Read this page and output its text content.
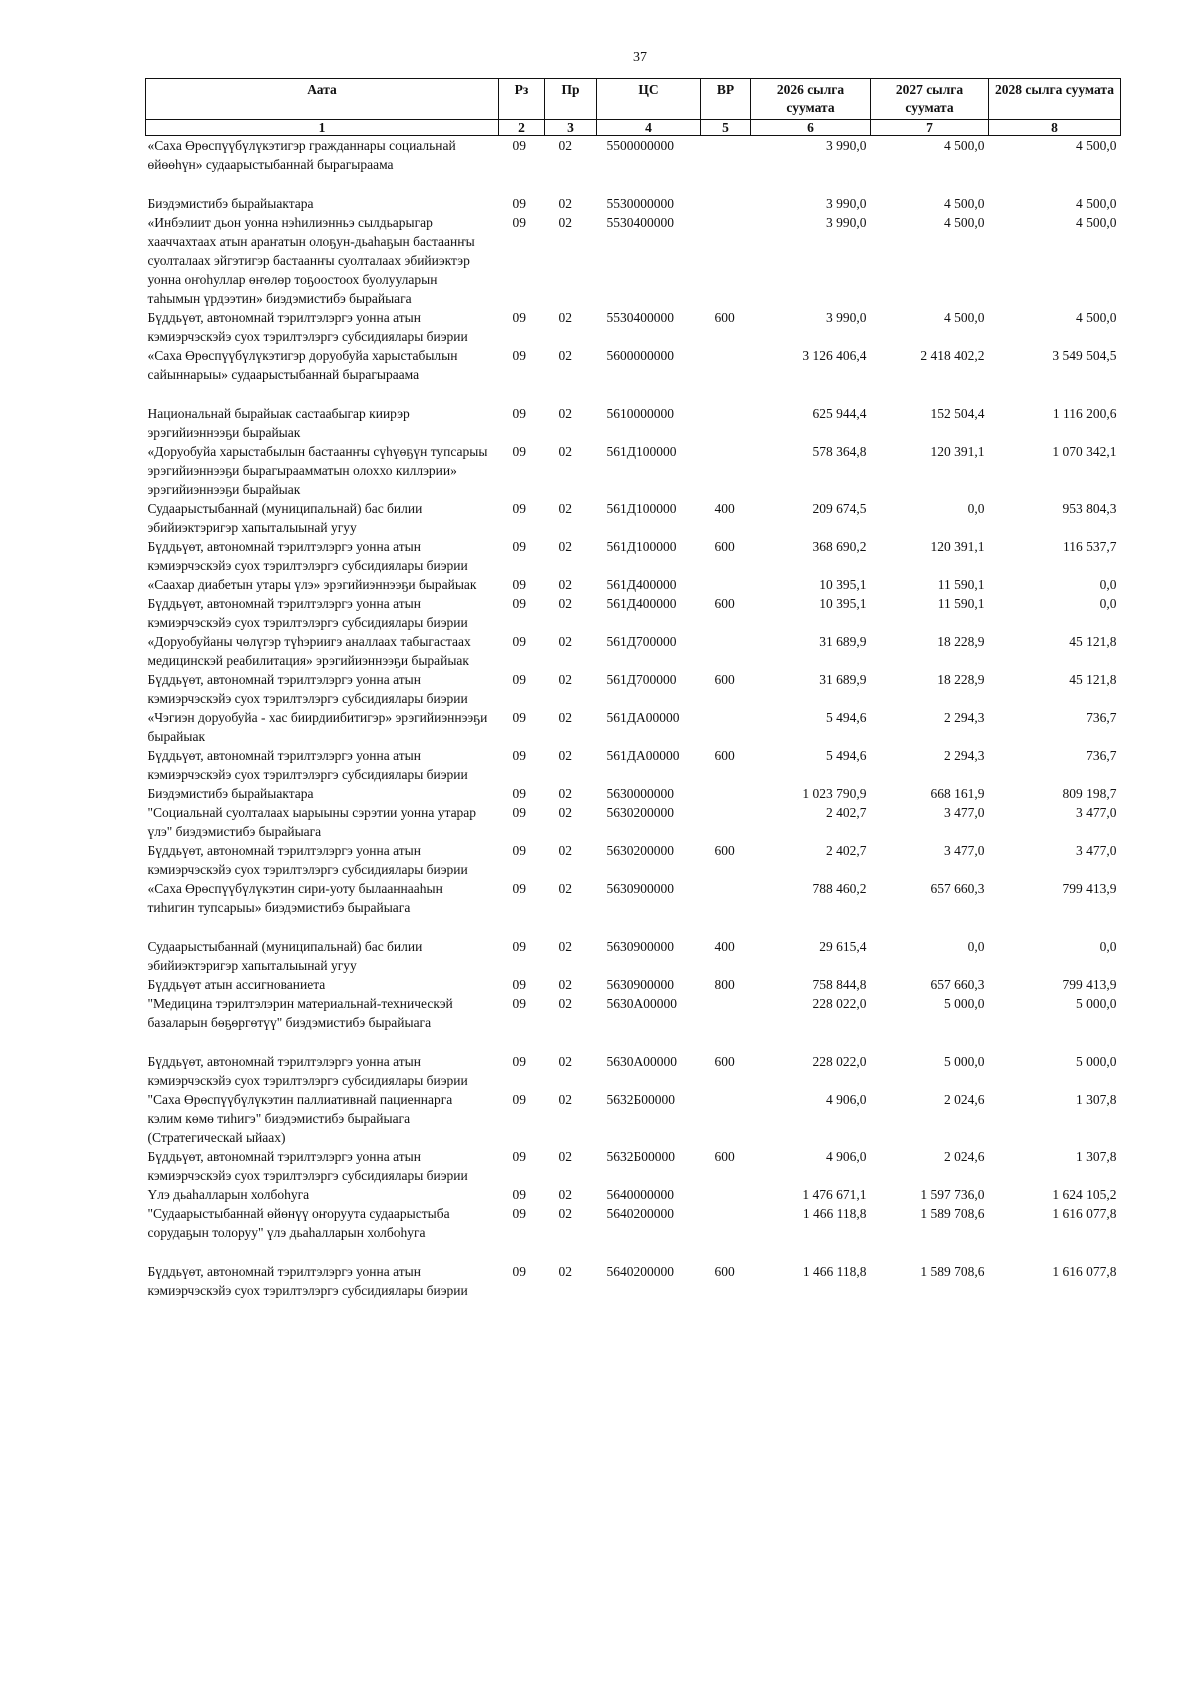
37
Аата	Рз	Пр	ЦС	ВР	2026 сылга суумата	2027 сылга суумата	2028 сылга суумата
1	2	3	4	5	6	7	8
«Саха Өрөспүүбүлүкэтигэр гражданнары социальнай өйөөһүн» судаарыстыбаннай бырагыраама	09	02	5500000000		3 990,0	4 500,0	4 500,0
Биэдэмистибэ бырайыактара	09	02	5530000000		3 990,0	4 500,0	4 500,0
«Инбэлиит дьон уонна нэһилиэнньэ сылдьарыгар хааччахтаах атын араҥатын олоҕун-дьаһаҕын бастаанҥы суолталаах эйгэтигэр бастаанҥы суолталаах эбийиэктэр уонна оҥоһуллар өҥөлөр тоҕоостоох буолууларын таһымын үрдээтин» биэдэмистибэ бырайыага	09	02	5530400000		3 990,0	4 500,0	4 500,0
Бүддьүөт, автономнай тэрилтэлэргэ уонна атын кэмиэрчэскэйэ суох тэрилтэлэргэ субсидиялары биэрии	09	02	5530400000	600	3 990,0	4 500,0	4 500,0
«Саха Өрөспүүбүлүкэтигэр доруобуйа харыстабылын сайыннарыы» судаарыстыбаннай бырагыраама	09	02	5600000000		3 126 406,4	2 418 402,2	3 549 504,5
Национальнай бырайыак састаабыгар киирэр эрэгийиэннээҕи бырайыак	09	02	5610000000		625 944,4	152 504,4	1 116 200,6
«Доруобуйа харыстабылын бастаанҥы сүһүөҕүн тупсарыы эрэгийиэннээҕи бырагыраамматын олоххо киллэрии» эрэгийиэннээҕи бырайыак	09	02	561Д100000		578 364,8	120 391,1	1 070 342,1
Судаарыстыбаннай (муниципальнай) бас билии эбийиэктэригэр хапыталыынай угуу	09	02	561Д100000	400	209 674,5	0,0	953 804,3
Бүддьүөт, автономнай тэрилтэлэргэ уонна атын кэмиэрчэскэйэ суох тэрилтэлэргэ субсидиялары биэрии	09	02	561Д100000	600	368 690,2	120 391,1	116 537,7
«Саахар диабетын утары үлэ» эрэгийиэннээҕи бырайыак	09	02	561Д400000		10 395,1	11 590,1	0,0
Бүддьүөт, автономнай тэрилтэлэргэ уонна атын кэмиэрчэскэйэ суох тэрилтэлэргэ субсидиялары биэрии	09	02	561Д400000	600	10 395,1	11 590,1	0,0
«Доруобуйаны чөлүгэр түһэриигэ аналлаах табыгастаах медицинскэй реабилитация» эрэгийиэннээҕи бырайыак	09	02	561Д700000		31 689,9	18 228,9	45 121,8
Бүддьүөт, автономнай тэрилтэлэргэ уонна атын кэмиэрчэскэйэ суох тэрилтэлэргэ субсидиялары биэрии	09	02	561Д700000	600	31 689,9	18 228,9	45 121,8
«Чэгиэн доруобуйа - хас биирдиибитигэр» эрэгийиэннээҕи бырайыак	09	02	561ДА00000		5 494,6	2 294,3	736,7
Бүддьүөт, автономнай тэрилтэлэргэ уонна атын кэмиэрчэскэйэ суох тэрилтэлэргэ субсидиялары биэрии	09	02	561ДА00000	600	5 494,6	2 294,3	736,7
Биэдэмистибэ бырайыактара	09	02	5630000000		1 023 790,9	668 161,9	809 198,7
"Социальнай суолталаах ыарыыны сэрэтии уонна утарар үлэ" биэдэмистибэ бырайыага	09	02	5630200000		2 402,7	3 477,0	3 477,0
Бүддьүөт, автономнай тэрилтэлэргэ уонна атын кэмиэрчэскэйэ суох тэрилтэлэргэ субсидиялары биэрии	09	02	5630200000	600	2 402,7	3 477,0	3 477,0
«Саха Өрөспүүбүлүкэтин сири-уоту былааннааһын тиһигин тупсарыы» биэдэмистибэ бырайыага	09	02	5630900000		788 460,2	657 660,3	799 413,9
Судаарыстыбаннай (муниципальнай) бас билии эбийиэктэригэр хапыталыынай угуу	09	02	5630900000	400	29 615,4	0,0	0,0
Бүддьүөт атын ассигнованиета	09	02	5630900000	800	758 844,8	657 660,3	799 413,9
"Медицина тэрилтэлэрин материальнай-техническэй базаларын бөҕөргөтүү" биэдэмистибэ бырайыага	09	02	5630А00000		228 022,0	5 000,0	5 000,0
Бүддьүөт, автономнай тэрилтэлэргэ уонна атын кэмиэрчэскэйэ суох тэрилтэлэргэ субсидиялары биэрии	09	02	5630А00000	600	228 022,0	5 000,0	5 000,0
"Саха Өрөспүүбүлүкэтин паллиативнай пациеннарга кэлим көмө тиһигэ" биэдэмистибэ бырайыага (Стратегическай ыйаах)	09	02	5632Б00000		4 906,0	2 024,6	1 307,8
Бүддьүөт, автономнай тэрилтэлэргэ уонна атын кэмиэрчэскэйэ суох тэрилтэлэргэ субсидиялары биэрии	09	02	5632Б00000	600	4 906,0	2 024,6	1 307,8
Үлэ дьаһалларын холбоһуга	09	02	5640000000		1 476 671,1	1 597 736,0	1 624 105,2
"Судаарыстыбаннай өйөнүү оҥоруута судаарыстыба сорудаҕын толоруу" үлэ дьаһалларын холбоһуга	09	02	5640200000		1 466 118,8	1 589 708,6	1 616 077,8
Бүддьүөт, автономнай тэрилтэлэргэ уонна атын кэмиэрчэскэйэ суох тэрилтэлэргэ субсидиялары биэрии	09	02	5640200000	600	1 466 118,8	1 589 708,6	1 616 077,8
